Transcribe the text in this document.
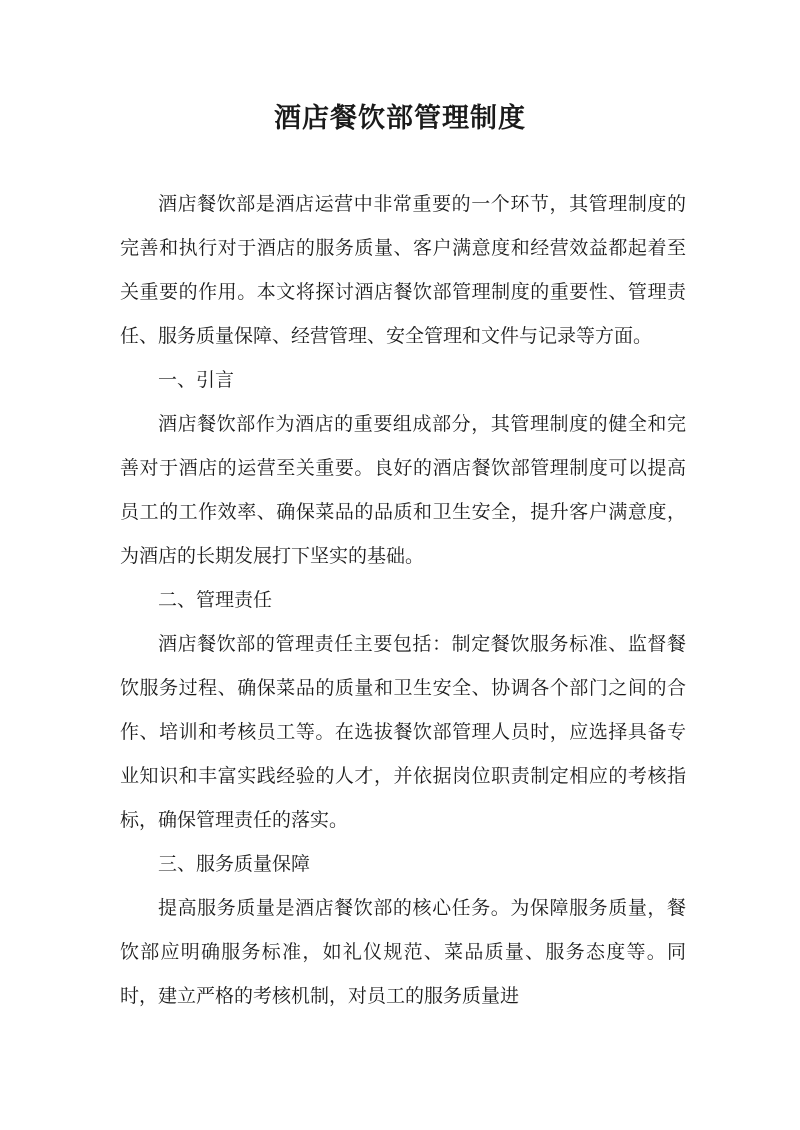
酒店餐饮部管理制度

酒店餐饮部是酒店运营中非常重要的一个环节，其管理制度的完善和执行对于酒店的服务质量、客户满意度和经营效益都起着至关重要的作用。本文将探讨酒店餐饮部管理制度的重要性、管理责任、服务质量保障、经营管理、安全管理和文件与记录等方面。

一、引言

酒店餐饮部作为酒店的重要组成部分，其管理制度的健全和完善对于酒店的运营至关重要。良好的酒店餐饮部管理制度可以提高员工的工作效率、确保菜品的品质和卫生安全，提升客户满意度，为酒店的长期发展打下坚实的基础。

二、管理责任

酒店餐饮部的管理责任主要包括：制定餐饮服务标准、监督餐饮服务过程、确保菜品的质量和卫生安全、协调各个部门之间的合作、培训和考核员工等。在选拔餐饮部管理人员时，应选择具备专业知识和丰富实践经验的人才，并依据岗位职责制定相应的考核指标，确保管理责任的落实。

三、服务质量保障

提高服务质量是酒店餐饮部的核心任务。为保障服务质量，餐饮部应明确服务标准，如礼仪规范、菜品质量、服务态度等。同时，建立严格的考核机制，对员工的服务质量进
